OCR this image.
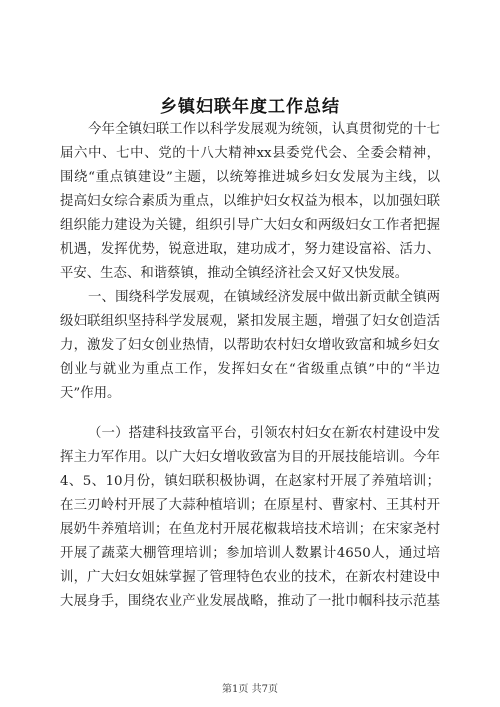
乡镇妇联年度工作总结
今年全镇妇联工作以科学发展观为统领，认真贯彻党的十七
届六中、七中、党的十八大精神xx县委党代会、全委会精神，
围绕“重点镇建设”主题，以统筹推进城乡妇女发展为主线，以
提高妇女综合素质为重点，以维护妇女权益为根本，以加强妇联
组织能力建设为关键，组织引导广大妇女和两级妇女工作者把握
机遇，发挥优势，锐意进取，建功成才，努力建设富裕、活力、
平安、生态、和谐蔡镇，推动全镇经济社会又好又快发展。
一、围绕科学发展观，在镇域经济发展中做出新贡献全镇两
级妇联组织坚持科学发展观，紧扣发展主题，增强了妇女创造活
力，激发了妇女创业热情，以帮助农村妇女增收致富和城乡妇女
创业与就业为重点工作，发挥妇女在“省级重点镇”中的“半边
天”作用。
（一）搭建科技致富平台，引领农村妇女在新农村建设中发
挥主力军作用。以广大妇女增收致富为目的开展技能培训。今年
4、5、10月份，镇妇联积极协调，在赵家村开展了养殖培训；
在三刃岭村开展了大蒜种植培训；在原星村、曹家村、王其村开
展奶牛养殖培训；在鱼龙村开展花椒栽培技术培训；在宋家尧村
开展了蔬菜大棚管理培训；参加培训人数累计4650人，通过培
训，广大妇女姐妹掌握了管理特色农业的技术，在新农村建设中
大展身手，围绕农业产业发展战略，推动了一批巾帼科技示范基
第1页 共7页
